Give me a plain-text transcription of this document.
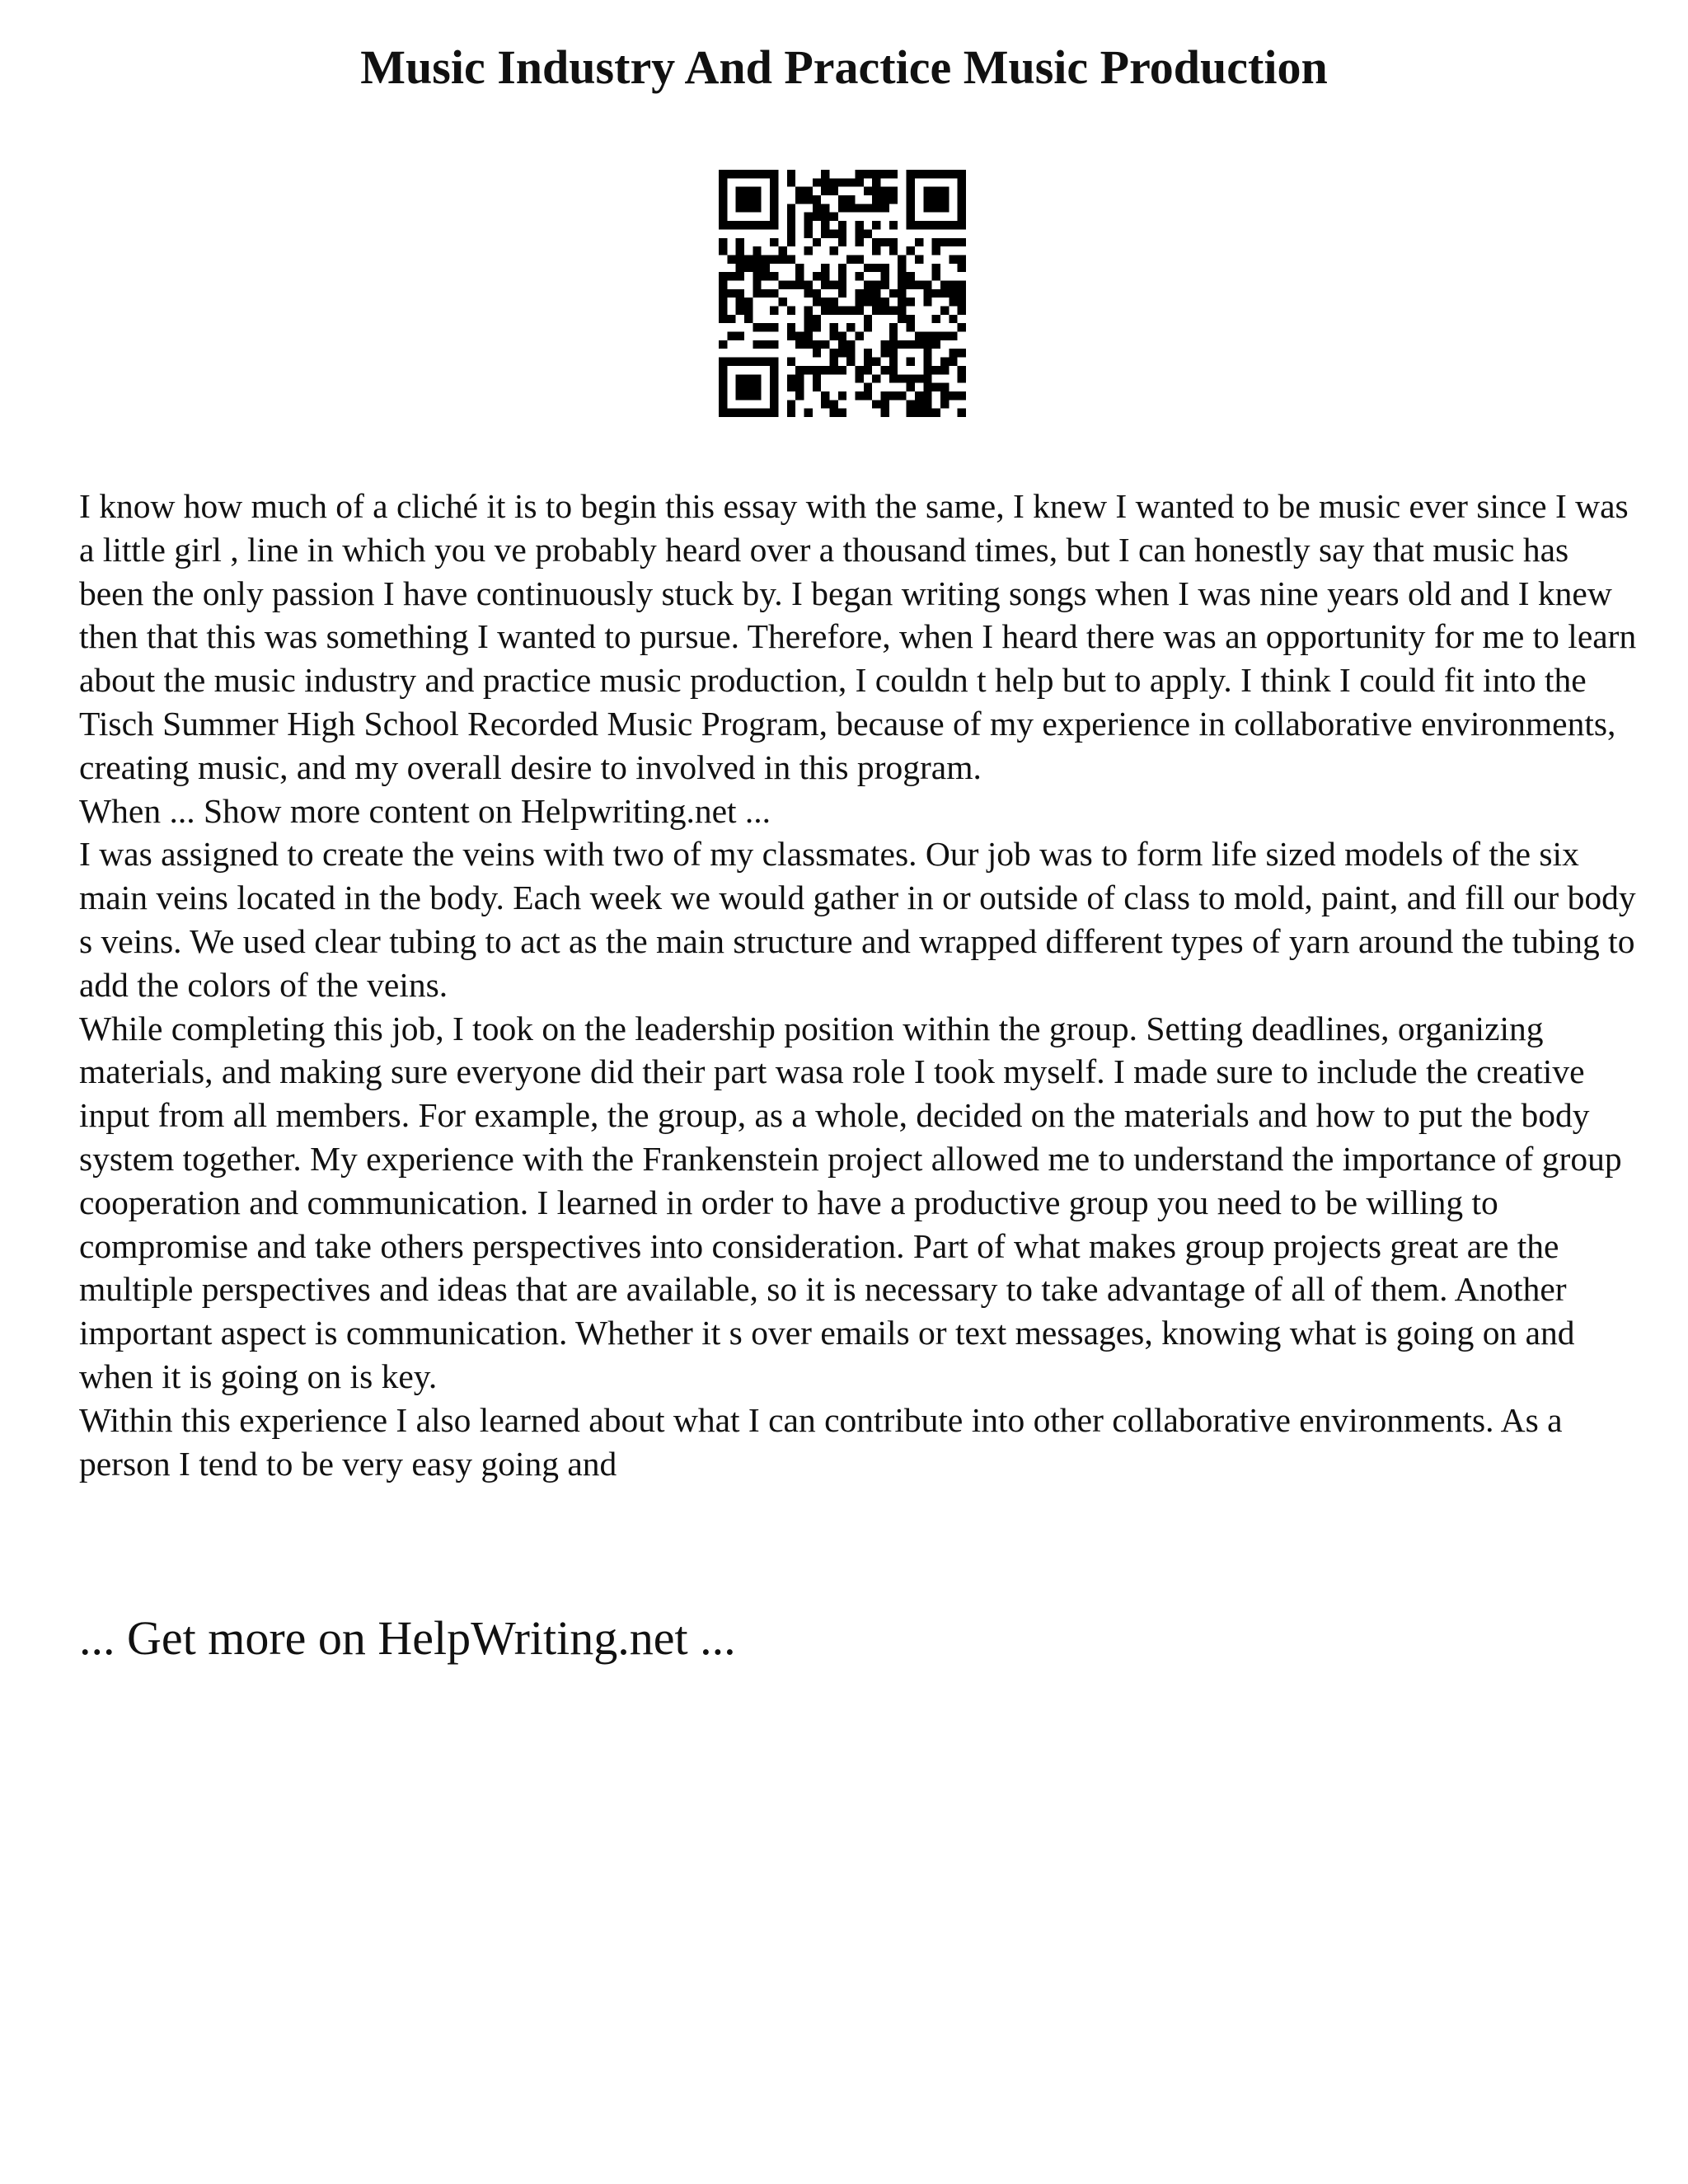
Music Industry And Practice Music Production

I know how much of a cliché it is to begin this essay with the same, I knew I wanted to be music ever since I was a little girl , line in which you ve probably heard over a thousand times, but I can honestly say that music has been the only passion I have continuously stuck by. I began writing songs when I was nine years old and I knew then that this was something I wanted to pursue. Therefore, when I heard there was an opportunity for me to learn about the music industry and practice music production, I couldn t help but to apply. I think I could fit into the Tisch Summer High School Recorded Music Program, because of my experience in collaborative environments, creating music, and my overall desire to involved in this program.

When ... Show more content on Helpwriting.net ...

I was assigned to create the veins with two of my classmates. Our job was to form life sized models of the six main veins located in the body. Each week we would gather in or outside of class to mold, paint, and fill our body s veins. We used clear tubing to act as the main structure and wrapped different types of yarn around the tubing to add the colors of the veins.

While completing this job, I took on the leadership position within the group. Setting deadlines, organizing materials, and making sure everyone did their part wasa role I took myself. I made sure to include the creative input from all members. For example, the group, as a whole, decided on the materials and how to put the body system together. My experience with the Frankenstein project allowed me to understand the importance of group cooperation and communication. I learned in order to have a productive group you need to be willing to compromise and take others perspectives into consideration. Part of what makes group projects great are the multiple perspectives and ideas that are available, so it is necessary to take advantage of all of them. Another important aspect is communication. Whether it s over emails or text messages, knowing what is going on and when it is going on is key.

Within this experience I also learned about what I can contribute into other collaborative environments. As a person I tend to be very easy going and

... Get more on HelpWriting.net ...
